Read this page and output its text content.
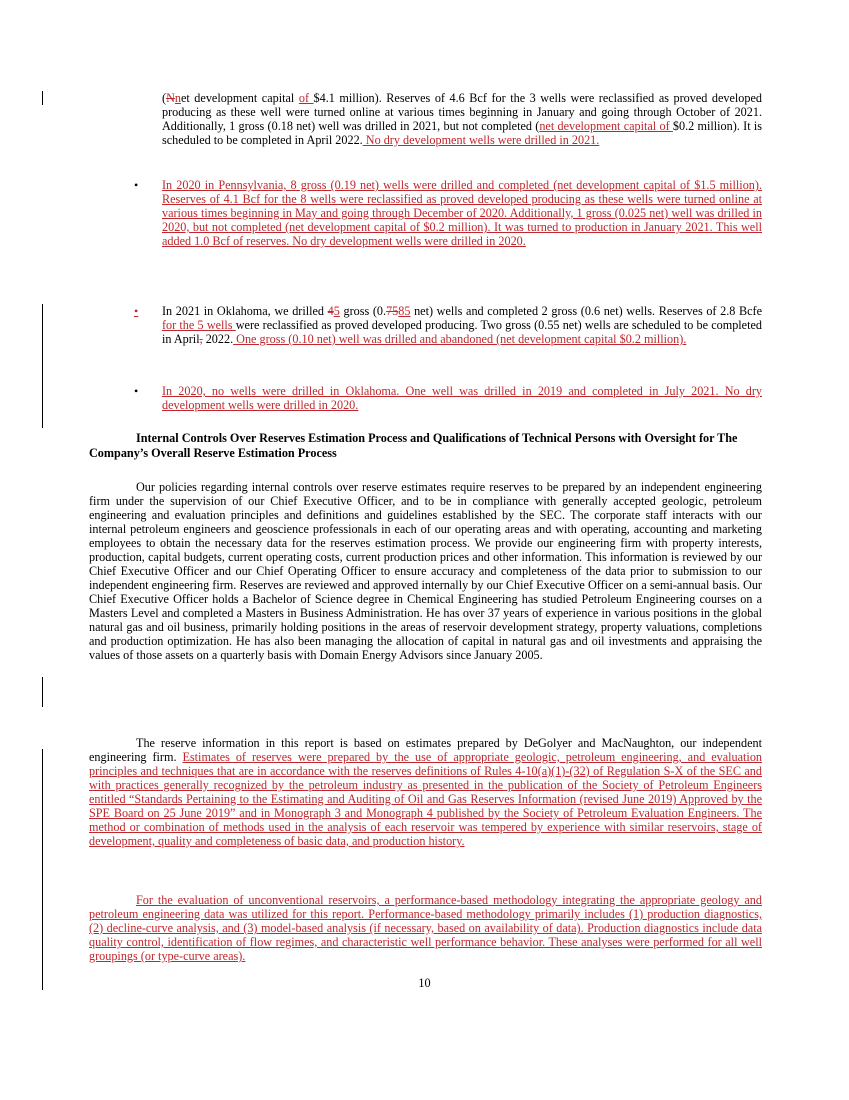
(Nnet development capital of $4.1 million). Reserves of 4.6 Bcf for the 3 wells were reclassified as proved developed producing as these well were turned online at various times beginning in January and going through October of 2021. Additionally, 1 gross (0.18 net) well was drilled in 2021, but not completed (net development capital of $0.2 million). It is scheduled to be completed in April 2022. No dry development wells were drilled in 2021.

• In 2020 in Pennsylvania, 8 gross (0.19 net) wells were drilled and completed (net development capital of $1.5 million). Reserves of 4.1 Bcf for the 8 wells were reclassified as proved developed producing as these wells were turned online at various times beginning in May and going through December of 2020. Additionally, 1 gross (0.025 net) well was drilled in 2020, but not completed (net development capital of $0.2 million). It was turned to production in January 2021. This well added 1.0 Bcf of reserves. No dry development wells were drilled in 2020.

•	In 2021 in Oklahoma, we drilled 45 gross (0.7585 net) wells and completed 2 gross (0.6 net) wells. Reserves of 2.8 Bcfe for the 5 wells were reclassified as proved developed producing. Two gross (0.55 net) wells are scheduled to be completed in April, 2022. One gross (0.10 net) well was drilled and abandoned (net development capital $0.2 million).

• In 2020, no wells were drilled in Oklahoma. One well was drilled in 2019 and completed in July 2021. No dry development wells were drilled in 2020.

Internal Controls Over Reserves Estimation Process and Qualifications of Technical Persons with Oversight for The Company’s Overall Reserve Estimation Process

Our policies regarding internal controls over reserve estimates require reserves to be prepared by an independent engineering firm under the supervision of our Chief Executive Officer, and to be in compliance with generally accepted geologic, petroleum engineering and evaluation principles and definitions and guidelines established by the SEC. The corporate staff interacts with our internal petroleum engineers and geoscience professionals in each of our operating areas and with operating, accounting and marketing employees to obtain the necessary data for the reserves estimation process. We provide our engineering firm with property interests, production, capital budgets, current operating costs, current production prices and other information. This information is reviewed by our Chief Executive Officer and our Chief Operating Officer to ensure accuracy and completeness of the data prior to submission to our independent engineering firm. Reserves are reviewed and approved internally by our Chief Executive Officer on a semi-annual basis. Our Chief Executive Officer holds a Bachelor of Science degree in Chemical Engineering has studied Petroleum Engineering courses on a Masters Level and completed a Masters in Business Administration. He has over 37 years of experience in various positions in the global natural gas and oil business, primarily holding positions in the areas of reservoir development strategy, property valuations, completions and production optimization. He has also been managing the allocation of capital in natural gas and oil investments and appraising the values of those assets on a quarterly basis with Domain Energy Advisors since January 2005.

The reserve information in this report is based on estimates prepared by DeGolyer and MacNaughton, our independent engineering firm. Estimates of reserves were prepared by the use of appropriate geologic, petroleum engineering, and evaluation principles and techniques that are in accordance with the reserves definitions of Rules 4-10(a)(1)-(32) of Regulation S-X of the SEC and with practices generally recognized by the petroleum industry as presented in the publication of the Society of Petroleum Engineers entitled “Standards Pertaining to the Estimating and Auditing of Oil and Gas Reserves Information (revised June 2019) Approved by the SPE Board on 25 June 2019” and in Monograph 3 and Monograph 4 published by the Society of Petroleum Evaluation Engineers. The method or combination of methods used in the analysis of each reservoir was tempered by experience with similar reservoirs, stage of development, quality and completeness of basic data, and production history.

For the evaluation of unconventional reservoirs, a performance-based methodology integrating the appropriate geology and petroleum engineering data was utilized for this report. Performance-based methodology primarily includes (1) production diagnostics, (2) decline-curve analysis, and (3) model-based analysis (if necessary, based on availability of data). Production diagnostics include data quality control, identification of flow regimes, and characteristic well performance behavior. These analyses were performed for all well groupings (or type-curve areas).

10
